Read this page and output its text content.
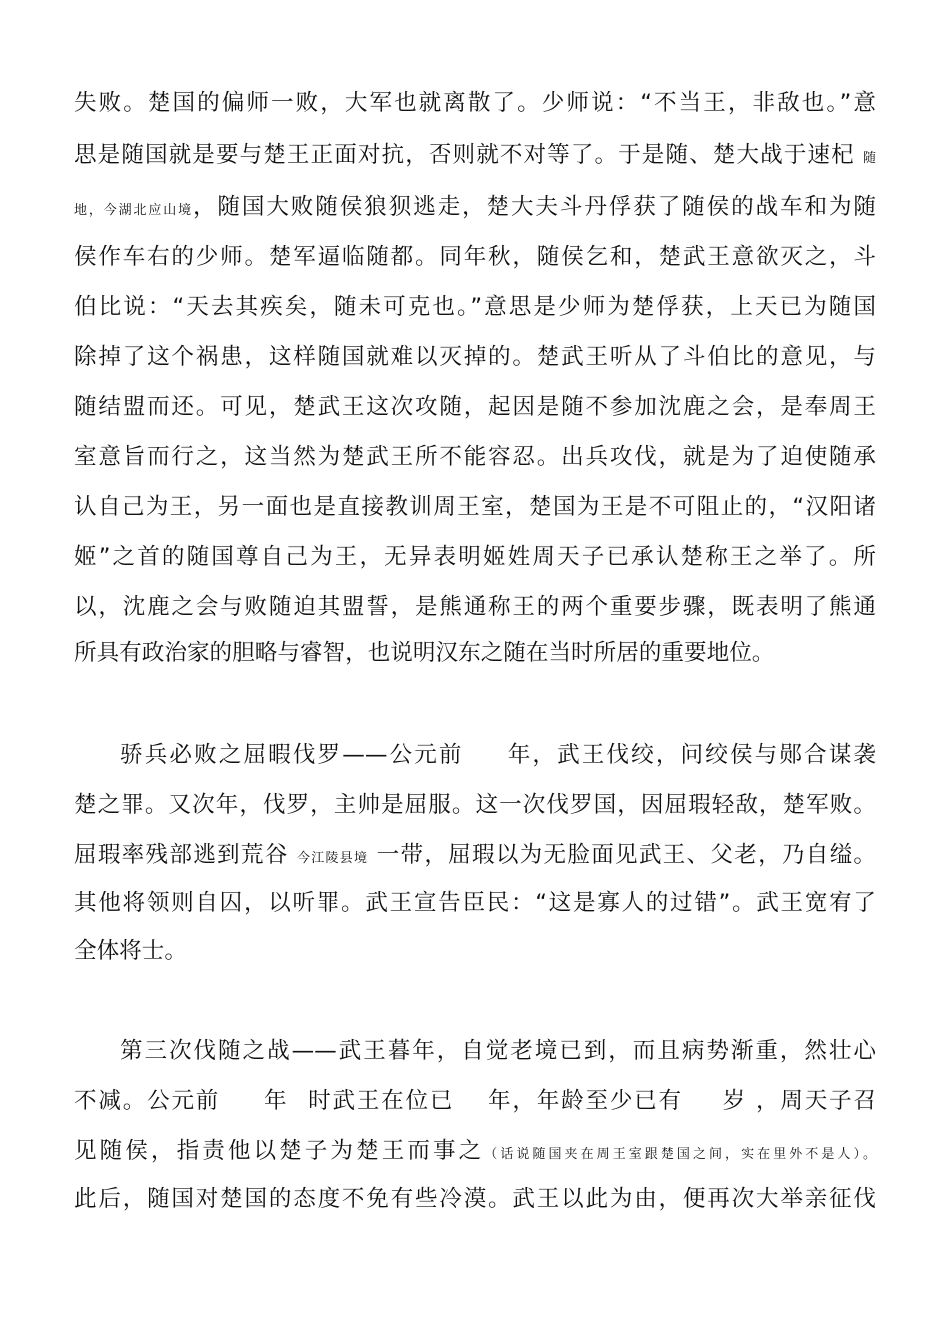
失败。楚国的偏师一败，大军也就离散了。少师说：“不当王，非敌也。”意
思是随国就是要与楚王正面对抗，否则就不对等了。于是随、楚大战于速杞 随
地，今湖北应山境，随国大败随侯狼狈逃走，楚大夫斗丹俘获了随侯的战车和为随
侯作车右的少师。楚军逼临随都。同年秋，随侯乞和，楚武王意欲灭之，斗
伯比说：“天去其疾矣，随未可克也。”意思是少师为楚俘获，上天已为随国
除掉了这个祸患，这样随国就难以灭掉的。楚武王听从了斗伯比的意见，与
随结盟而还。可见，楚武王这次攻随，起因是随不参加沈鹿之会，是奉周王
室意旨而行之，这当然为楚武王所不能容忍。出兵攻伐，就是为了迫使随承
认自己为王，另一面也是直接教训周王室，楚国为王是不可阻止的，“汉阳诸
姬”之首的随国尊自己为王，无异表明姬姓周天子已承认楚称王之举了。所
以，沈鹿之会与败随迫其盟誓，是熊通称王的两个重要步骤，既表明了熊通
所具有政治家的胆略与睿智，也说明汉东之随在当时所居的重要地位。
骄兵必败之屈暇伐罗——公元前 年，武王伐绞，问绞侯与郧合谋袭
楚之罪。又次年，伐罗，主帅是屈服。这一次伐罗国，因屈瑕轻敌，楚军败。
屈瑕率残部逃到荒谷 今江陵县境 一带，屈瑕以为无脸面见武王、父老，乃自缢。
其他将领则自囚，以听罪。武王宣告臣民：“这是寡人的过错”。武王宽宥了
全体将士。
第三次伐随之战——武王暮年，自觉老境已到，而且病势渐重，然壮心
不减。公元前 年 时武王在位已 年，年龄至少已有 岁 ，周天子召
见随侯，指责他以楚子为楚王而事之（话说随国夹在周王室跟楚国之间，实在里外不是人）。
此后，随国对楚国的态度不免有些冷漠。武王以此为由，便再次大举亲征伐
